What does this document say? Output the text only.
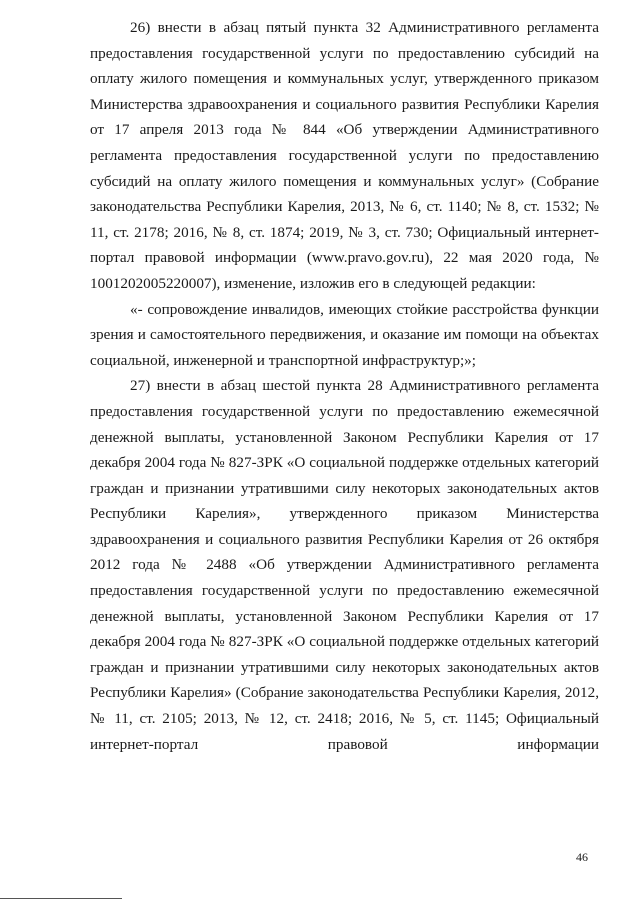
26) внести в абзац пятый пункта 32 Административного регламента предоставления государственной услуги по предоставлению субсидий на оплату жилого помещения и коммунальных услуг, утвержденного приказом Министерства здравоохранения и социального развития Республики Карелия от 17 апреля 2013 года № 844 «Об утверждении Административного регламента предоставления государственной услуги по предоставлению субсидий на оплату жилого помещения и коммунальных услуг» (Собрание законодательства Республики Карелия, 2013, № 6, ст. 1140; № 8, ст. 1532; № 11, ст. 2178; 2016, № 8, ст. 1874; 2019, № 3, ст. 730; Официальный интернет-портал правовой информации (www.pravo.gov.ru), 22 мая 2020 года, № 1001202005220007), изменение, изложив его в следующей редакции:

«- сопровождение инвалидов, имеющих стойкие расстройства функции зрения и самостоятельного передвижения, и оказание им помощи на объектах социальной, инженерной и транспортной инфраструктур;»;

27) внести в абзац шестой пункта 28 Административного регламента предоставления государственной услуги по предоставлению ежемесячной денежной выплаты, установленной Законом Республики Карелия от 17 декабря 2004 года № 827-ЗРК «О социальной поддержке отдельных категорий граждан и признании утратившими силу некоторых законодательных актов Республики Карелия», утвержденного приказом Министерства здравоохранения и социального развития Республики Карелия от 26 октября 2012 года № 2488 «Об утверждении Административного регламента предоставления государственной услуги по предоставлению ежемесячной денежной выплаты, установленной Законом Республики Карелия от 17 декабря 2004 года № 827-ЗРК «О социальной поддержке отдельных категорий граждан и признании утратившими силу некоторых законодательных актов Республики Карелия» (Собрание законодательства Республики Карелия, 2012, № 11, ст. 2105; 2013, № 12, ст. 2418; 2016, № 5, ст. 1145; Официальный интернет-портал правовой информации

46
